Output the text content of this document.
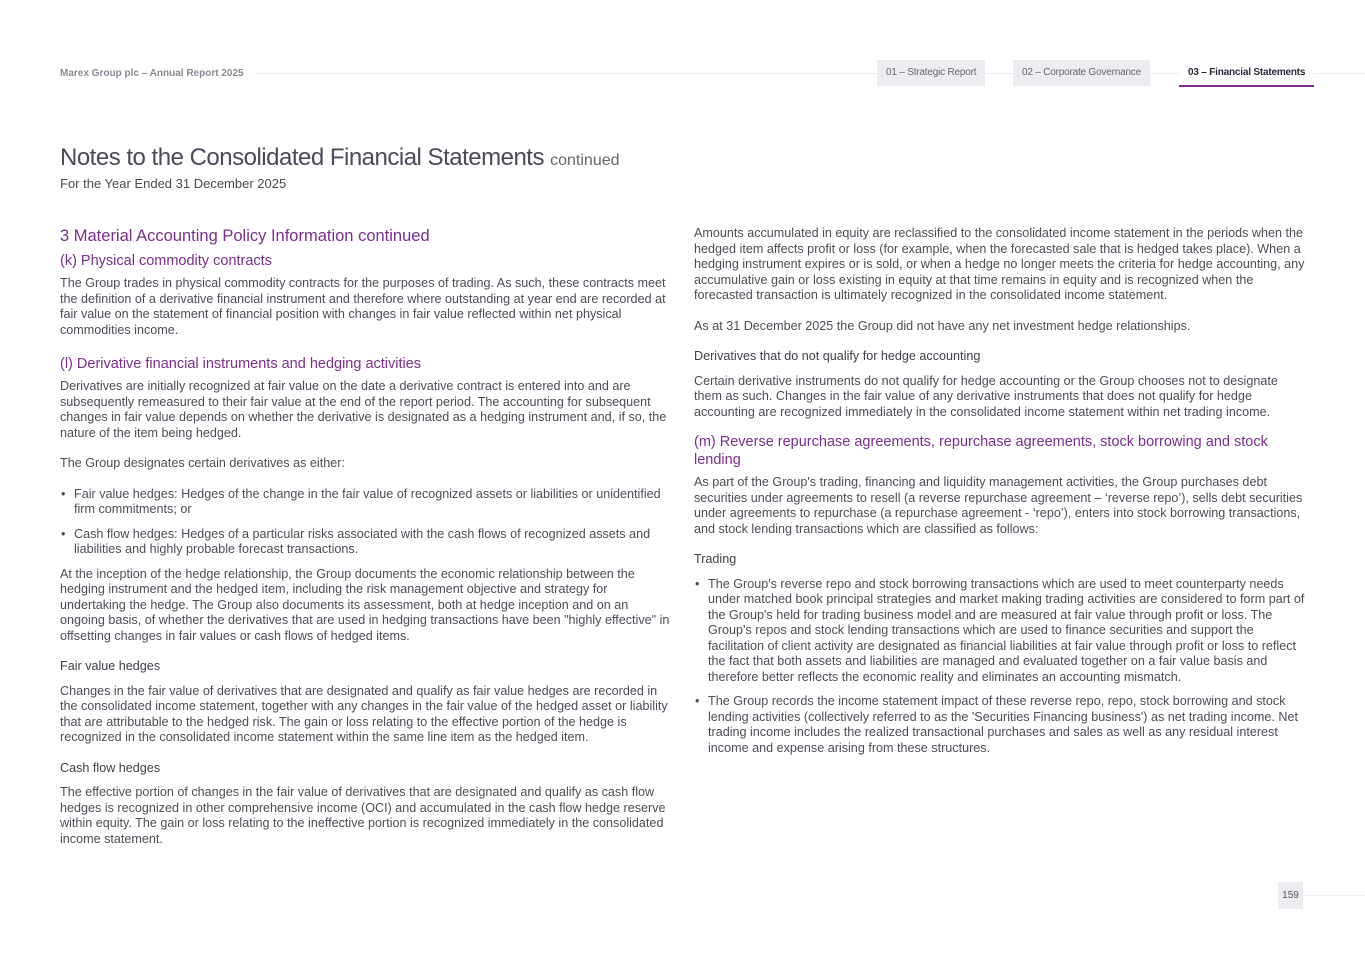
Marex Group plc – Annual Report 2025	01 – Strategic Report	02 – Corporate Governance	03 – Financial Statements
Notes to the Consolidated Financial Statements continued
For the Year Ended 31 December 2025
3 Material Accounting Policy Information continued
(k) Physical commodity contracts

The Group trades in physical commodity contracts for the purposes of trading. As such, these contracts meet the definition of a derivative financial instrument and therefore where outstanding at year end are recorded at fair value on the statement of financial position with changes in fair value reflected within net physical commodities income.

(l) Derivative financial instruments and hedging activities

Derivatives are initially recognized at fair value on the date a derivative contract is entered into and are subsequently remeasured to their fair value at the end of the report period. The accounting for subsequent changes in fair value depends on whether the derivative is designated as a hedging instrument and, if so, the nature of the item being hedged.

The Group designates certain derivatives as either:

• Fair value hedges: Hedges of the change in the fair value of recognized assets or liabilities or unidentified firm commitments; or
• Cash flow hedges: Hedges of a particular risks associated with the cash flows of recognized assets and liabilities and highly probable forecast transactions.

At the inception of the hedge relationship, the Group documents the economic relationship between the hedging instrument and the hedged item, including the risk management objective and strategy for undertaking the hedge. The Group also documents its assessment, both at hedge inception and on an ongoing basis, of whether the derivatives that are used in hedging transactions have been "highly effective" in offsetting changes in fair values or cash flows of hedged items.

Fair value hedges

Changes in the fair value of derivatives that are designated and qualify as fair value hedges are recorded in the consolidated income statement, together with any changes in the fair value of the hedged asset or liability that are attributable to the hedged risk. The gain or loss relating to the effective portion of the hedge is recognized in the consolidated income statement within the same line item as the hedged item.

Cash flow hedges

The effective portion of changes in the fair value of derivatives that are designated and qualify as cash flow hedges is recognized in other comprehensive income (OCI) and accumulated in the cash flow hedge reserve within equity. The gain or loss relating to the ineffective portion is recognized immediately in the consolidated income statement.

Amounts accumulated in equity are reclassified to the consolidated income statement in the periods when the hedged item affects profit or loss (for example, when the forecasted sale that is hedged takes place). When a hedging instrument expires or is sold, or when a hedge no longer meets the criteria for hedge accounting, any accumulative gain or loss existing in equity at that time remains in equity and is recognized when the forecasted transaction is ultimately recognized in the consolidated income statement.

As at 31 December 2025 the Group did not have any net investment hedge relationships.

Derivatives that do not qualify for hedge accounting

Certain derivative instruments do not qualify for hedge accounting or the Group chooses not to designate them as such. Changes in the fair value of any derivative instruments that does not qualify for hedge accounting are recognized immediately in the consolidated income statement within net trading income.

(m) Reverse repurchase agreements, repurchase agreements, stock borrowing and stock lending

As part of the Group's trading, financing and liquidity management activities, the Group purchases debt securities under agreements to resell (a reverse repurchase agreement – ‘reverse repo’), sells debt securities under agreements to repurchase (a repurchase agreement - ‘repo’), enters into stock borrowing transactions, and stock lending transactions which are classified as follows:

Trading
• The Group's reverse repo and stock borrowing transactions which are used to meet counterparty needs under matched book principal strategies and market making trading activities are considered to form part of the Group's held for trading business model and are measured at fair value through profit or loss. The Group's repos and stock lending transactions which are used to finance securities and support the facilitation of client activity are designated as financial liabilities at fair value through profit or loss to reflect the fact that both assets and liabilities are managed and evaluated together on a fair value basis and therefore better reflects the economic reality and eliminates an accounting mismatch.
• The Group records the income statement impact of these reverse repo, repo, stock borrowing and stock lending activities (collectively referred to as the 'Securities Financing business') as net trading income. Net trading income includes the realized transactional purchases and sales as well as any residual interest income and expense arising from these structures.
159
